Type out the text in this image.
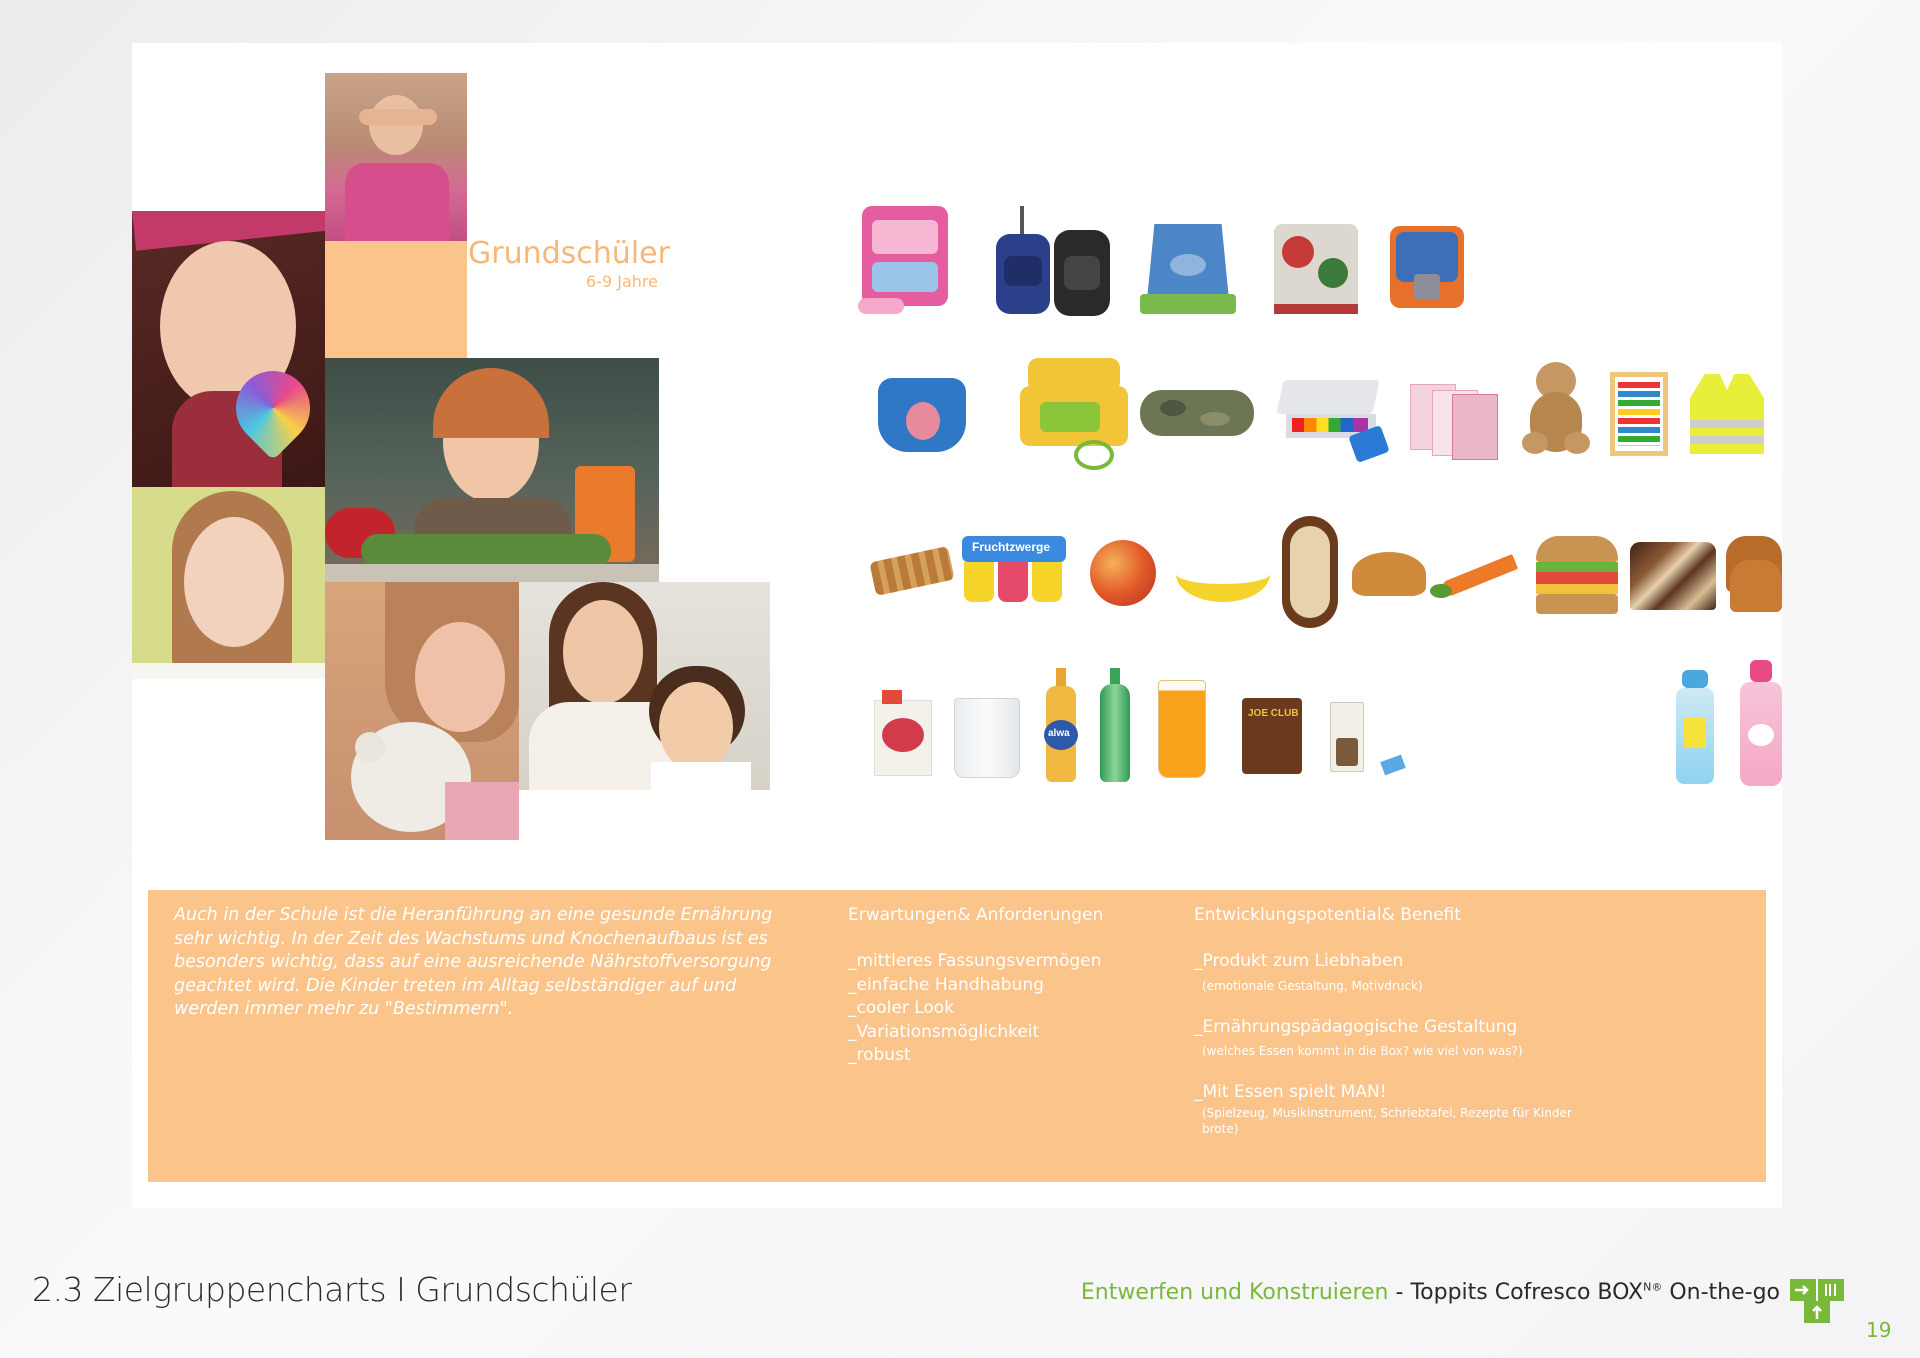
Grundschüler
6-9 Jahre
Fruchtzwerge
alwa
JOE CLUB

Auch in der Schule ist die Heranführung an eine gesunde Ernährung sehr wichtig. In der Zeit des Wachstums und Knochenaufbaus ist es besonders wichtig, dass auf eine ausreichende Nährstoffversorgung geachtet wird. Die Kinder treten im Alltag selbständiger auf und werden immer mehr zu "Bestimmern".

Erwartungen& Anforderungen
_mittleres Fassungsvermögen
_einfache Handhabung
_cooler Look
_Variationsmöglichkeit
_robust
Entwicklungspotential& Benefit
_Produkt zum Liebhaben
(emotionale Gestaltung, Motivdruck)
_Ernährungspädagogische Gestaltung
(welches Essen kommt in die Box? wie viel von was?)
_Mit Essen spielt MAN!
(Spielzeug, Musikinstrument, Schriebtafel, Rezepte für Kinder brote)
2.3 Zielgruppencharts I Grundschüler	Entwerfen und Konstruieren - Toppits Cofresco $BOX^{N®}$ On-the-go
19
